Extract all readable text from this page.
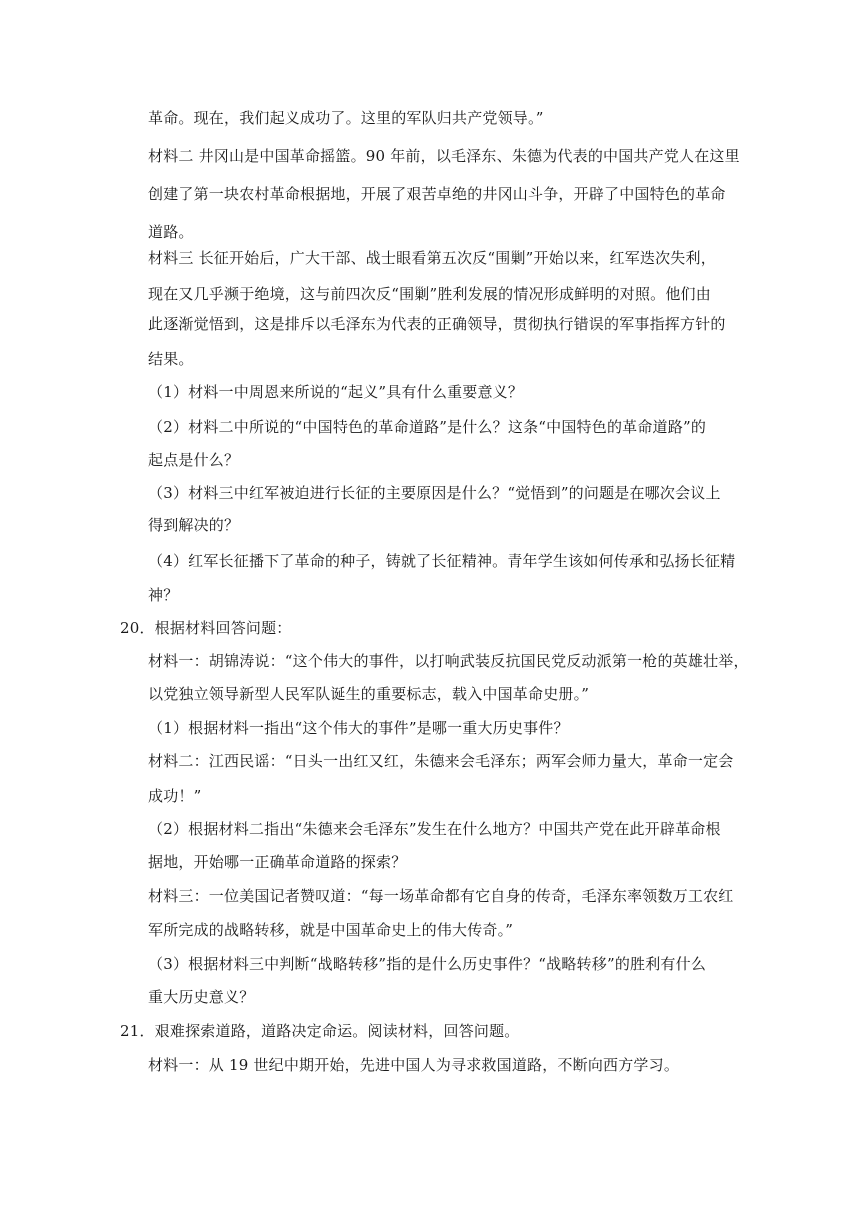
革命。现在，我们起义成功了。这里的军队归共产党领导。”
材料二 井冈山是中国革命摇篮。90 年前，以毛泽东、朱德为代表的中国共产党人在这里
创建了第一块农村革命根据地，开展了艰苦卓绝的井冈山斗争，开辟了中国特色的革命
道路。
材料三 长征开始后，广大干部、战士眼看第五次反“围剿”开始以来，红军迭次失利，
现在又几乎濒于绝境，这与前四次反“围剿”胜利发展的情况形成鲜明的对照。他们由
此逐渐觉悟到，这是排斥以毛泽东为代表的正确领导，贯彻执行错误的军事指挥方针的
结果。
（1）材料一中周恩来所说的“起义”具有什么重要意义？
（2）材料二中所说的“中国特色的革命道路”是什么？这条“中国特色的革命道路”的
起点是什么？
（3）材料三中红军被迫进行长征的主要原因是什么？“觉悟到”的问题是在哪次会议上
得到解决的？
（4）红军长征播下了革命的种子，铸就了长征精神。青年学生该如何传承和弘扬长征精
神？
20．根据材料回答问题：
材料一：胡锦涛说：“这个伟大的事件，以打响武装反抗国民党反动派第一枪的英雄壮举，
以党独立领导新型人民军队诞生的重要标志，载入中国革命史册。”
（1）根据材料一指出“这个伟大的事件”是哪一重大历史事件？
材料二：江西民谣：“日头一出红又红，朱德来会毛泽东；两军会师力量大，革命一定会
成功！”
（2）根据材料二指出“朱德来会毛泽东”发生在什么地方？中国共产党在此开辟革命根
据地，开始哪一正确革命道路的探索？
材料三：一位美国记者赞叹道：“每一场革命都有它自身的传奇，毛泽东率领数万工农红
军所完成的战略转移，就是中国革命史上的伟大传奇。”
（3）根据材料三中判断“战略转移”指的是什么历史事件？“战略转移”的胜利有什么
重大历史意义？
21．艰难探索道路，道路决定命运。阅读材料，回答问题。
材料一：从 19 世纪中期开始，先进中国人为寻求救国道路，不断向西方学习。
